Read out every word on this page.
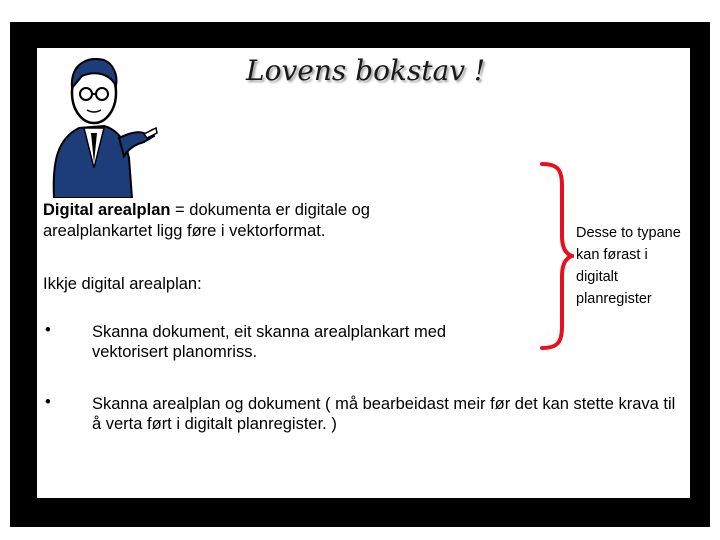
Lovens bokstav !
Digital arealplan = dokumenta er digitale og arealplankartet ligg føre i vektorformat.
Ikkje digital arealplan:
• Skanna dokument, eit skanna arealplankart med vektorisert planomriss.
• Skanna arealplan og dokument ( må bearbeidast meir før det kan stette krava til å verta ført i digitalt planregister. )
Desse to typane kan førast i digitalt planregister
